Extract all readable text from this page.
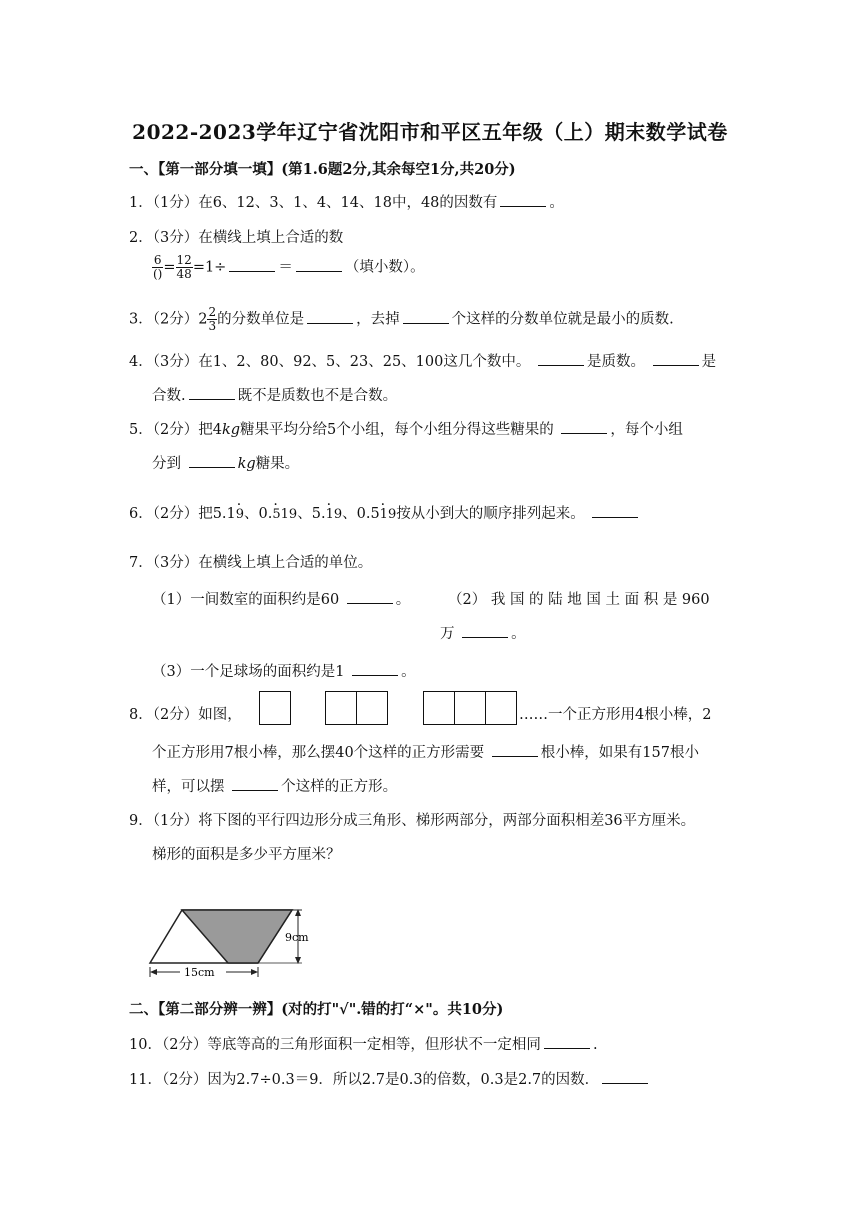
2022-2023学年辽宁省沈阳市和平区五年级（上）期末数学试卷
一、【第一部分填一填】(第1.6题2分,其余每空1分,共20分)
1．（1分）在6、12、3、1、4、14、18中，48的因数有	。
2．（3分）在横线上填上合适的数
$\frac{6}{()} = \frac{12}{48} =1\div$	＝	（填小数）。
3．（2分）$2 \frac{2}{3}$ 的分数单位是	，去掉	个这样的分数单位就是最小的质数.
4．（3分）在1、2、80、92、5、23、25、100这几个数中。	是质数。	是
合数.	既不是质数也不是合数。
5．（2分）把4kg糖果平均分给5个小组，每个小组分得这些糖果的	，每个小组
分到	kg糖果。
6．（2分）把5.1· 9、0.· 519、5.· 19、0.5· 19按从小到大的顺序排列起来。
7．（3分）在横线上填上合适的单位。
（1）一间数室的面积约是60	。	（2） 我 国 的 陆 地 国 土 面 积 是 960
万	。
（3）一个足球场的面积约是1	。
8．（2分）如图，	……一个正方形用4根小棒，2
个正方形用7根小棒，那么摆40个这样的正方形需要	根小棒，如果有157根小
样，可以摆	个这样的正方形。
9．（1分）将下图的平行四边形分成三角形、梯形两部分，两部分面积相差36平方厘米。
梯形的面积是多少平方厘米？
9cm
15cm
二、【第二部分辨一辨】(对的打"√".错的打“×"。共10分)
10．（2分）等底等高的三角形面积一定相等，但形状不一定相同	.
11．（2分）因为2.7÷0.3＝9．所以2.7是0.3的倍数，0.3是2.7的因数．
